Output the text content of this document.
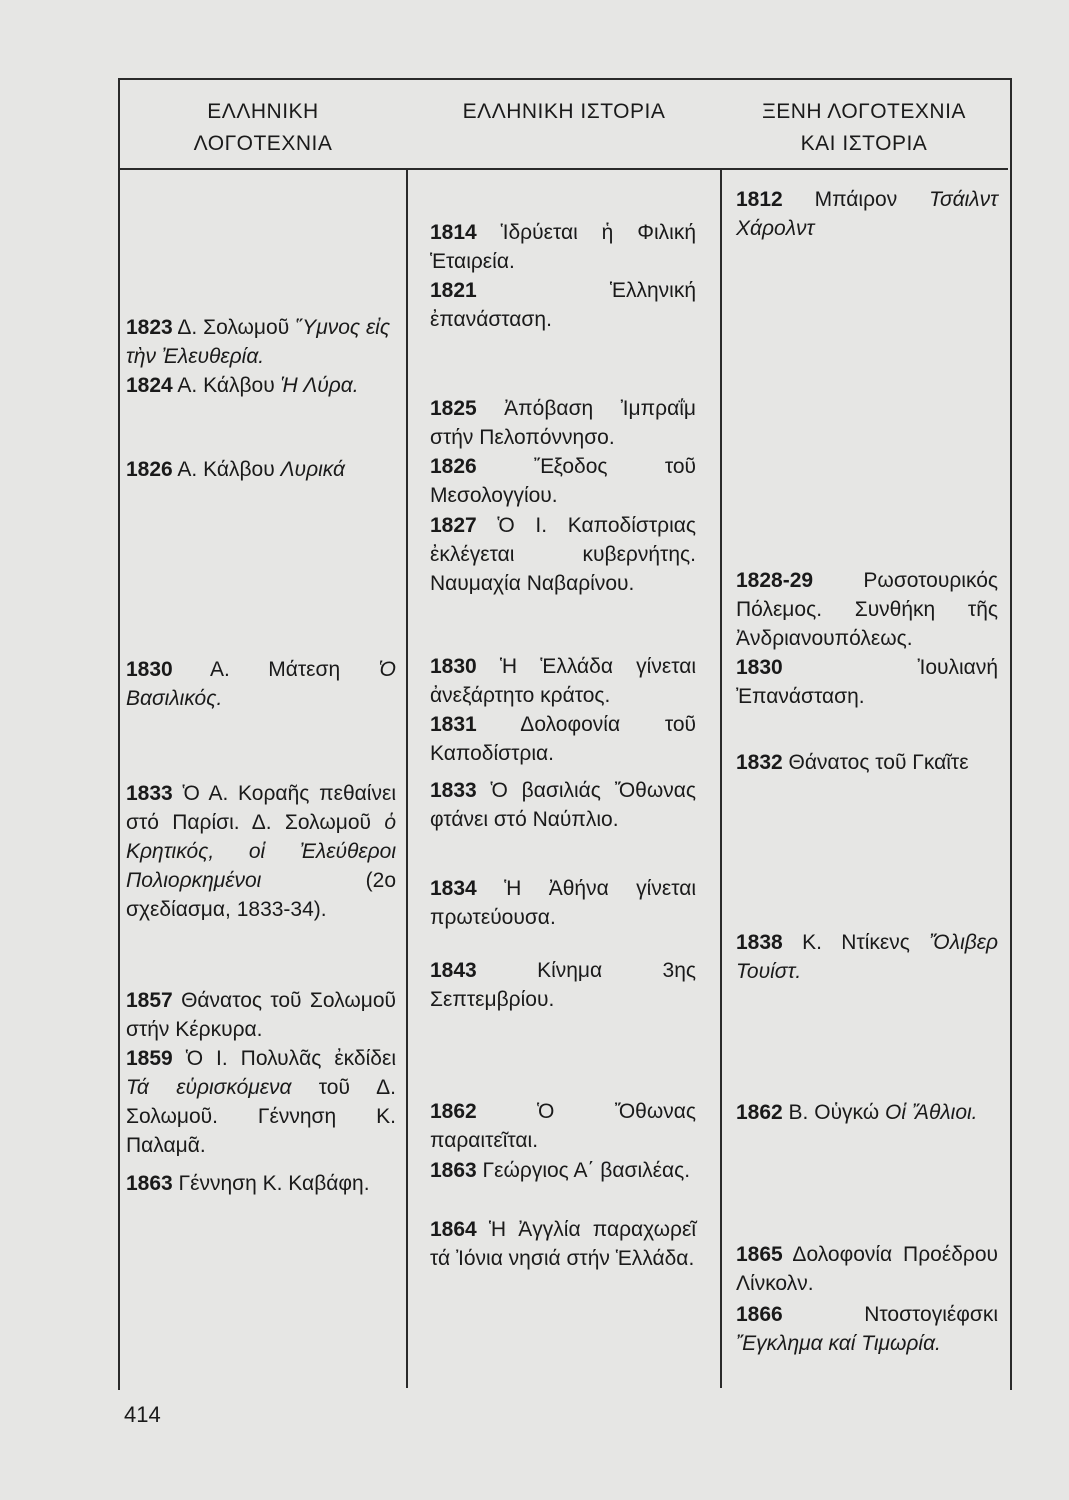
ΕΛΛΗΝΙΚΗ
ΛΟΓΟΤΕΧΝΙΑ
ΕΛΛΗΝΙΚΗ ΙΣΤΟΡΙΑ	ΞΕΝΗ ΛΟΓΟΤΕΧΝΙΑ
ΚΑΙ ΙΣΤΟΡΙΑ
1823 Δ. Σολωμοῦ Ὕμνος εἰς τὴν Ἐλευθερία.
1824 Α. Κάλβου Ἡ Λύρα.
1826 Α. Κάλβου Λυρικά
1830 Α. Μάτεση Ὁ Βασιλικός.
1833 Ὁ Α. Κοραῆς πεθαίνει στό Παρίσι. Δ. Σολωμοῦ ὁ Κρητικός, οἱ Ἐλεύθεροι Πολιορκημένοι (2ο σχεδίασμα, 1833-34).
1857 Θάνατος τοῦ Σολωμοῦ στήν Κέρκυρα.
1859 Ὁ Ι. Πολυλᾶς ἐκδίδει Τά εὑρισκόμενα τοῦ Δ. Σολωμοῦ. Γέννηση Κ. Παλαμᾶ.
1863 Γέννηση Κ. Καβάφη.
1814 Ἱδρύεται ἡ Φιλική Ἑταιρεία.
1821 Ἑλληνική ἐπανάσταση.
1825 Ἀπόβαση Ἰμπραΐμ στήν Πελοπόννησο.
1826 Ἔξοδος τοῦ Μεσολογγίου.
1827 Ὁ Ι. Καποδίστριας ἐκλέγεται κυβερνήτης. Ναυμαχία Ναβαρίνου.
1830 Ἡ Ἑλλάδα γίνεται ἀνεξάρτητο κράτος.
1831 Δολοφονία τοῦ Καποδίστρια.
1833 Ὁ βασιλιάς Ὄθωνας φτάνει στό Ναύπλιο.
1834 Ἡ Ἀθήνα γίνεται πρωτεύουσα.
1843 Κίνημα 3ης Σεπτεμβρίου.
1862 Ὁ Ὄθωνας παραιτεῖται.
1863 Γεώργιος Α΄ βασιλέας.
1864 Ἡ Ἀγγλία παραχωρεῖ τά Ἰόνια νησιά στήν Ἑλλάδα.
1812 Μπάιρον Τσάιλντ Χάρολντ
1828-29 Ρωσοτουρικός Πόλεμος. Συνθήκη τῆς Ἀνδριανουπόλεως.
1830 Ἰουλιανή Ἐπανάσταση.
1832 Θάνατος τοῦ Γκαῖτε
1838 Κ. Ντίκενς Ὄλιβερ Τουίστ.
1862 Β. Οὑγκώ Οἱ Ἄθλιοι.
1865 Δολοφονία Προέδρου Λίνκολν.
1866 Ντοστογιέφσκι Ἔγκλημα καί Τιμωρία.
414
